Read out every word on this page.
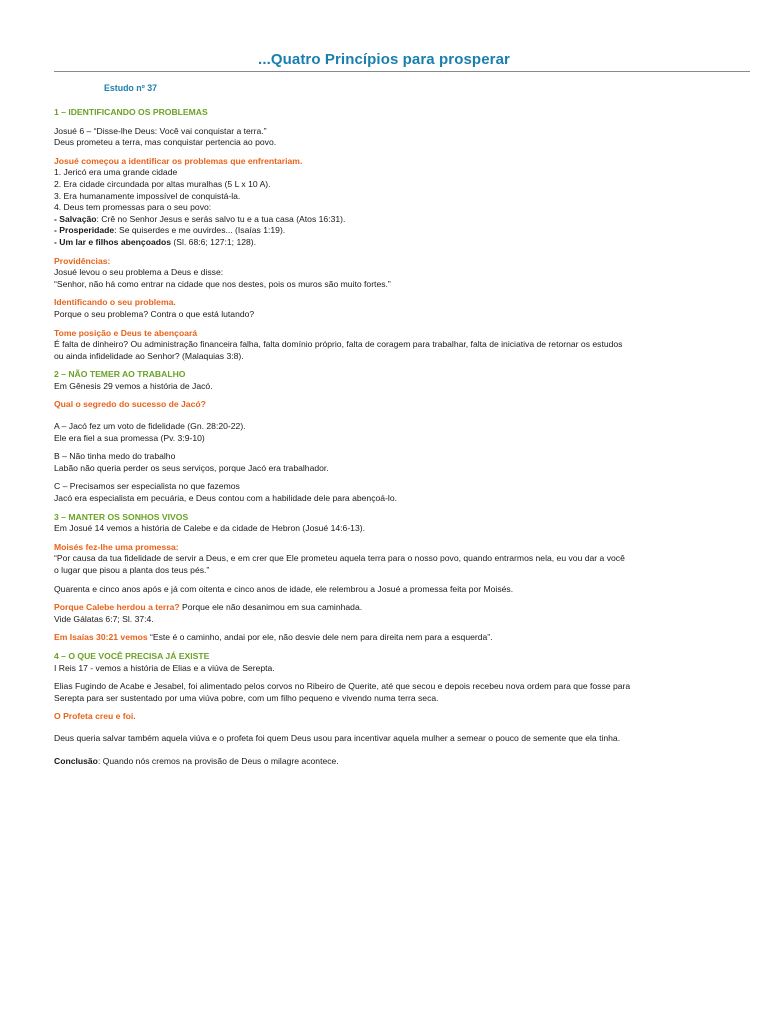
...Quatro Princípios para prosperar
Estudo nº 37
1 – IDENTIFICANDO OS PROBLEMAS
Josué 6 – “Disse-lhe Deus: Você vai conquistar a terra.”
Deus prometeu a terra, mas conquistar pertencia ao povo.
Josué começou a identificar os problemas que enfrentariam.
1. Jericó era uma grande cidade
2. Era cidade circundada por altas muralhas (5 L x 10 A).
3. Era humanamente impossível de conquistá-la.
4. Deus tem promessas para o seu povo:
- Salvação: Crê no Senhor Jesus e serás salvo tu e a tua casa (Atos 16:31).
- Prosperidade: Se quiserdes e me ouvirdes... (Isaías 1:19).
- Um lar e filhos abençoados (Sl. 68:6; 127:1; 128).
Providências:
Josué levou o seu problema a Deus e disse:
“Senhor, não há como entrar na cidade que nos destes, pois os muros são muito fortes.”
Identificando o seu problema.
Porque o seu problema? Contra o que está lutando?
Tome posição e Deus te abençoará
É falta de dinheiro? Ou administração financeira falha, falta domínio próprio, falta de coragem para trabalhar, falta de iniciativa de retornar os estudos
ou ainda infidelidade ao Senhor? (Malaquias 3:8).
2 – NÃO TEMER AO TRABALHO
Em Gênesis 29 vemos a história de Jacó.
Qual o segredo do sucesso de Jacó?
A – Jacó fez um voto de fidelidade (Gn. 28:20-22).
Ele era fiel a sua promessa (Pv. 3:9-10)
B – Não tinha medo do trabalho
Labão não queria perder os seus serviços, porque Jacó era trabalhador.
C – Precisamos ser especialista no que fazemos
Jacó era especialista em pecuária, e Deus contou com a habilidade dele para abençoá-lo.
3 – MANTER OS SONHOS VIVOS
Em Josué 14 vemos a história de Calebe e da cidade de Hebron (Josué 14:6-13).
Moisés fez-lhe uma promessa:
“Por causa da tua fidelidade de servir a Deus, e em crer que Ele prometeu aquela terra para o nosso povo, quando entrarmos nela, eu vou dar a você
o lugar que pisou a planta dos teus pés.”
Quarenta e cinco anos após e já com oitenta e cinco anos de idade, ele relembrou a Josué a promessa feita por Moisés.
Porque Calebe herdou a terra? Porque ele não desanimou em sua caminhada.
Vide Gálatas 6:7; Sl. 37:4.
Em Isaías 30:21 vemos “Este é o caminho, andai por ele, não desvie dele nem para direita nem para a esquerda”.
4 – O QUE VOCÊ PRECISA JÁ EXISTE
I Reis 17 - vemos a história de Elias e a viúva de Serepta.
Elias Fugindo de Acabe e Jesabel, foi alimentado pelos corvos no Ribeiro de Querite, até que secou e depois recebeu nova ordem para que fosse para
Serepta para ser sustentado por uma viúva pobre, com um filho pequeno e vivendo numa terra seca.
O Profeta creu e foi.
Deus queria salvar também aquela viúva e o profeta foi quem Deus usou para incentivar aquela mulher a semear o pouco de semente que ela tinha.
Conclusão: Quando nós cremos na provisão de Deus o milagre acontece.
